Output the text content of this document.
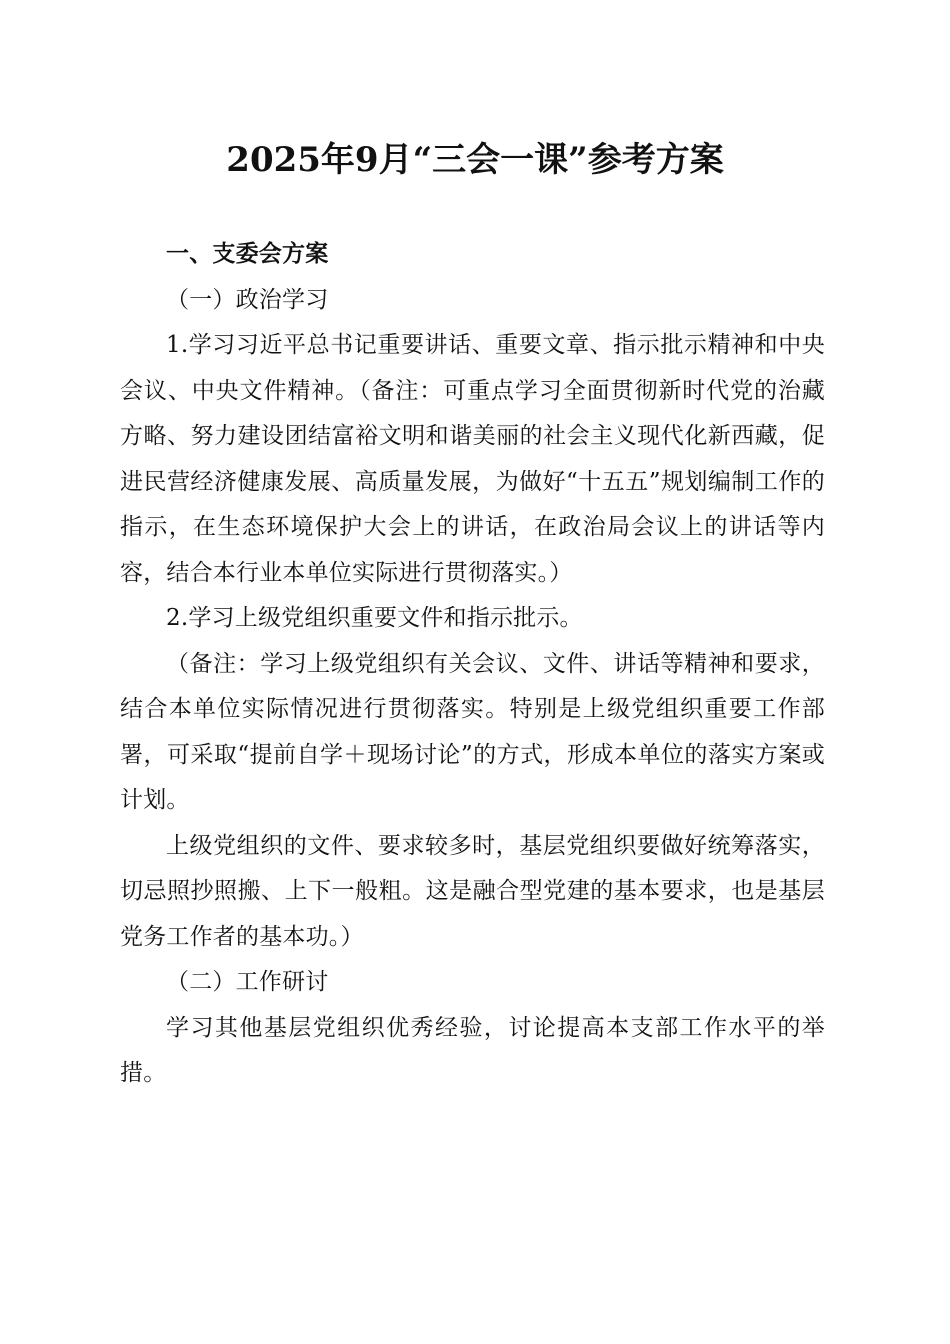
2025年9月“三会一课”参考方案

一、支委会方案

（一）政治学习

1.学习习近平总书记重要讲话、重要文章、指示批示精神和中央会议、中央文件精神。（备注：可重点学习全面贯彻新时代党的治藏方略、努力建设团结富裕文明和谐美丽的社会主义现代化新西藏，促进民营经济健康发展、高质量发展，为做好“十五五”规划编制工作的指示，在生态环境保护大会上的讲话，在政治局会议上的讲话等内容，结合本行业本单位实际进行贯彻落实。）

2.学习上级党组织重要文件和指示批示。

（备注：学习上级党组织有关会议、文件、讲话等精神和要求，结合本单位实际情况进行贯彻落实。特别是上级党组织重要工作部署，可采取“提前自学＋现场讨论”的方式，形成本单位的落实方案或计划。

上级党组织的文件、要求较多时，基层党组织要做好统筹落实，切忌照抄照搬、上下一般粗。这是融合型党建的基本要求，也是基层党务工作者的基本功。）

（二）工作研讨

学习其他基层党组织优秀经验，讨论提高本支部工作水平的举措。
